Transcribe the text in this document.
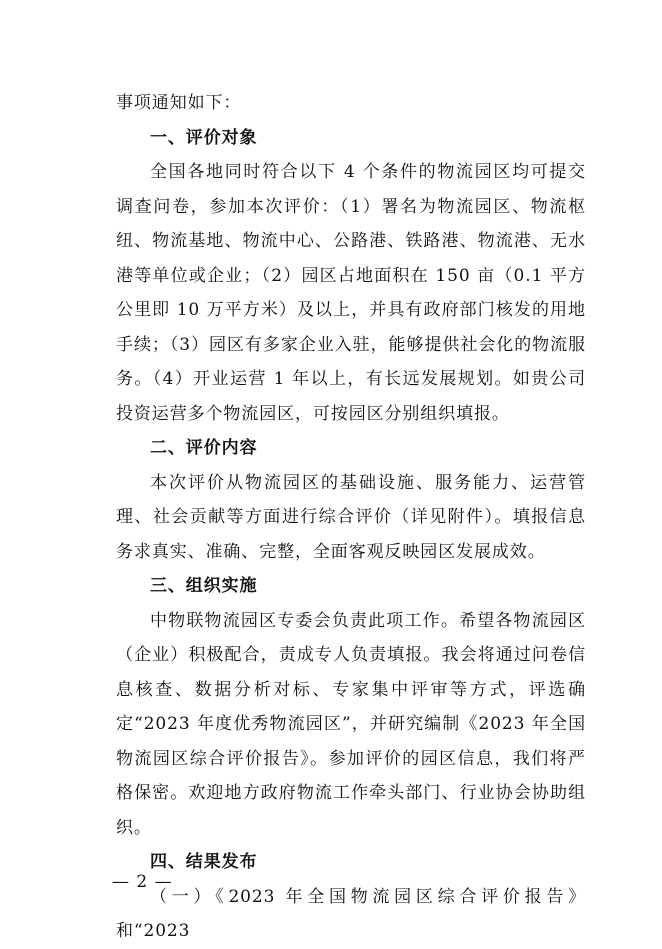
事项通知如下：

一、评价对象

全国各地同时符合以下 4 个条件的物流园区均可提交调查问卷，参加本次评价：（1）署名为物流园区、物流枢纽、物流基地、物流中心、公路港、铁路港、物流港、无水港等单位或企业；（2）园区占地面积在 150 亩（0.1 平方公里即 10 万平方米）及以上，并具有政府部门核发的用地手续；（3）园区有多家企业入驻，能够提供社会化的物流服务。（4）开业运营 1 年以上，有长远发展规划。如贵公司投资运营多个物流园区，可按园区分别组织填报。

二、评价内容

本次评价从物流园区的基础设施、服务能力、运营管理、社会贡献等方面进行综合评价（详见附件）。填报信息务求真实、准确、完整，全面客观反映园区发展成效。

三、组织实施

中物联物流园区专委会负责此项工作。希望各物流园区（企业）积极配合，责成专人负责填报。我会将通过问卷信息核查、数据分析对标、专家集中评审等方式，评选确定“2023 年度优秀物流园区”，并研究编制《2023 年全国物流园区综合评价报告》。参加评价的园区信息，我们将严格保密。欢迎地方政府物流工作牵头部门、行业协会协助组织。

四、结果发布

（一）《2023 年全国物流园区综合评价报告》和“2023

— 2 —
